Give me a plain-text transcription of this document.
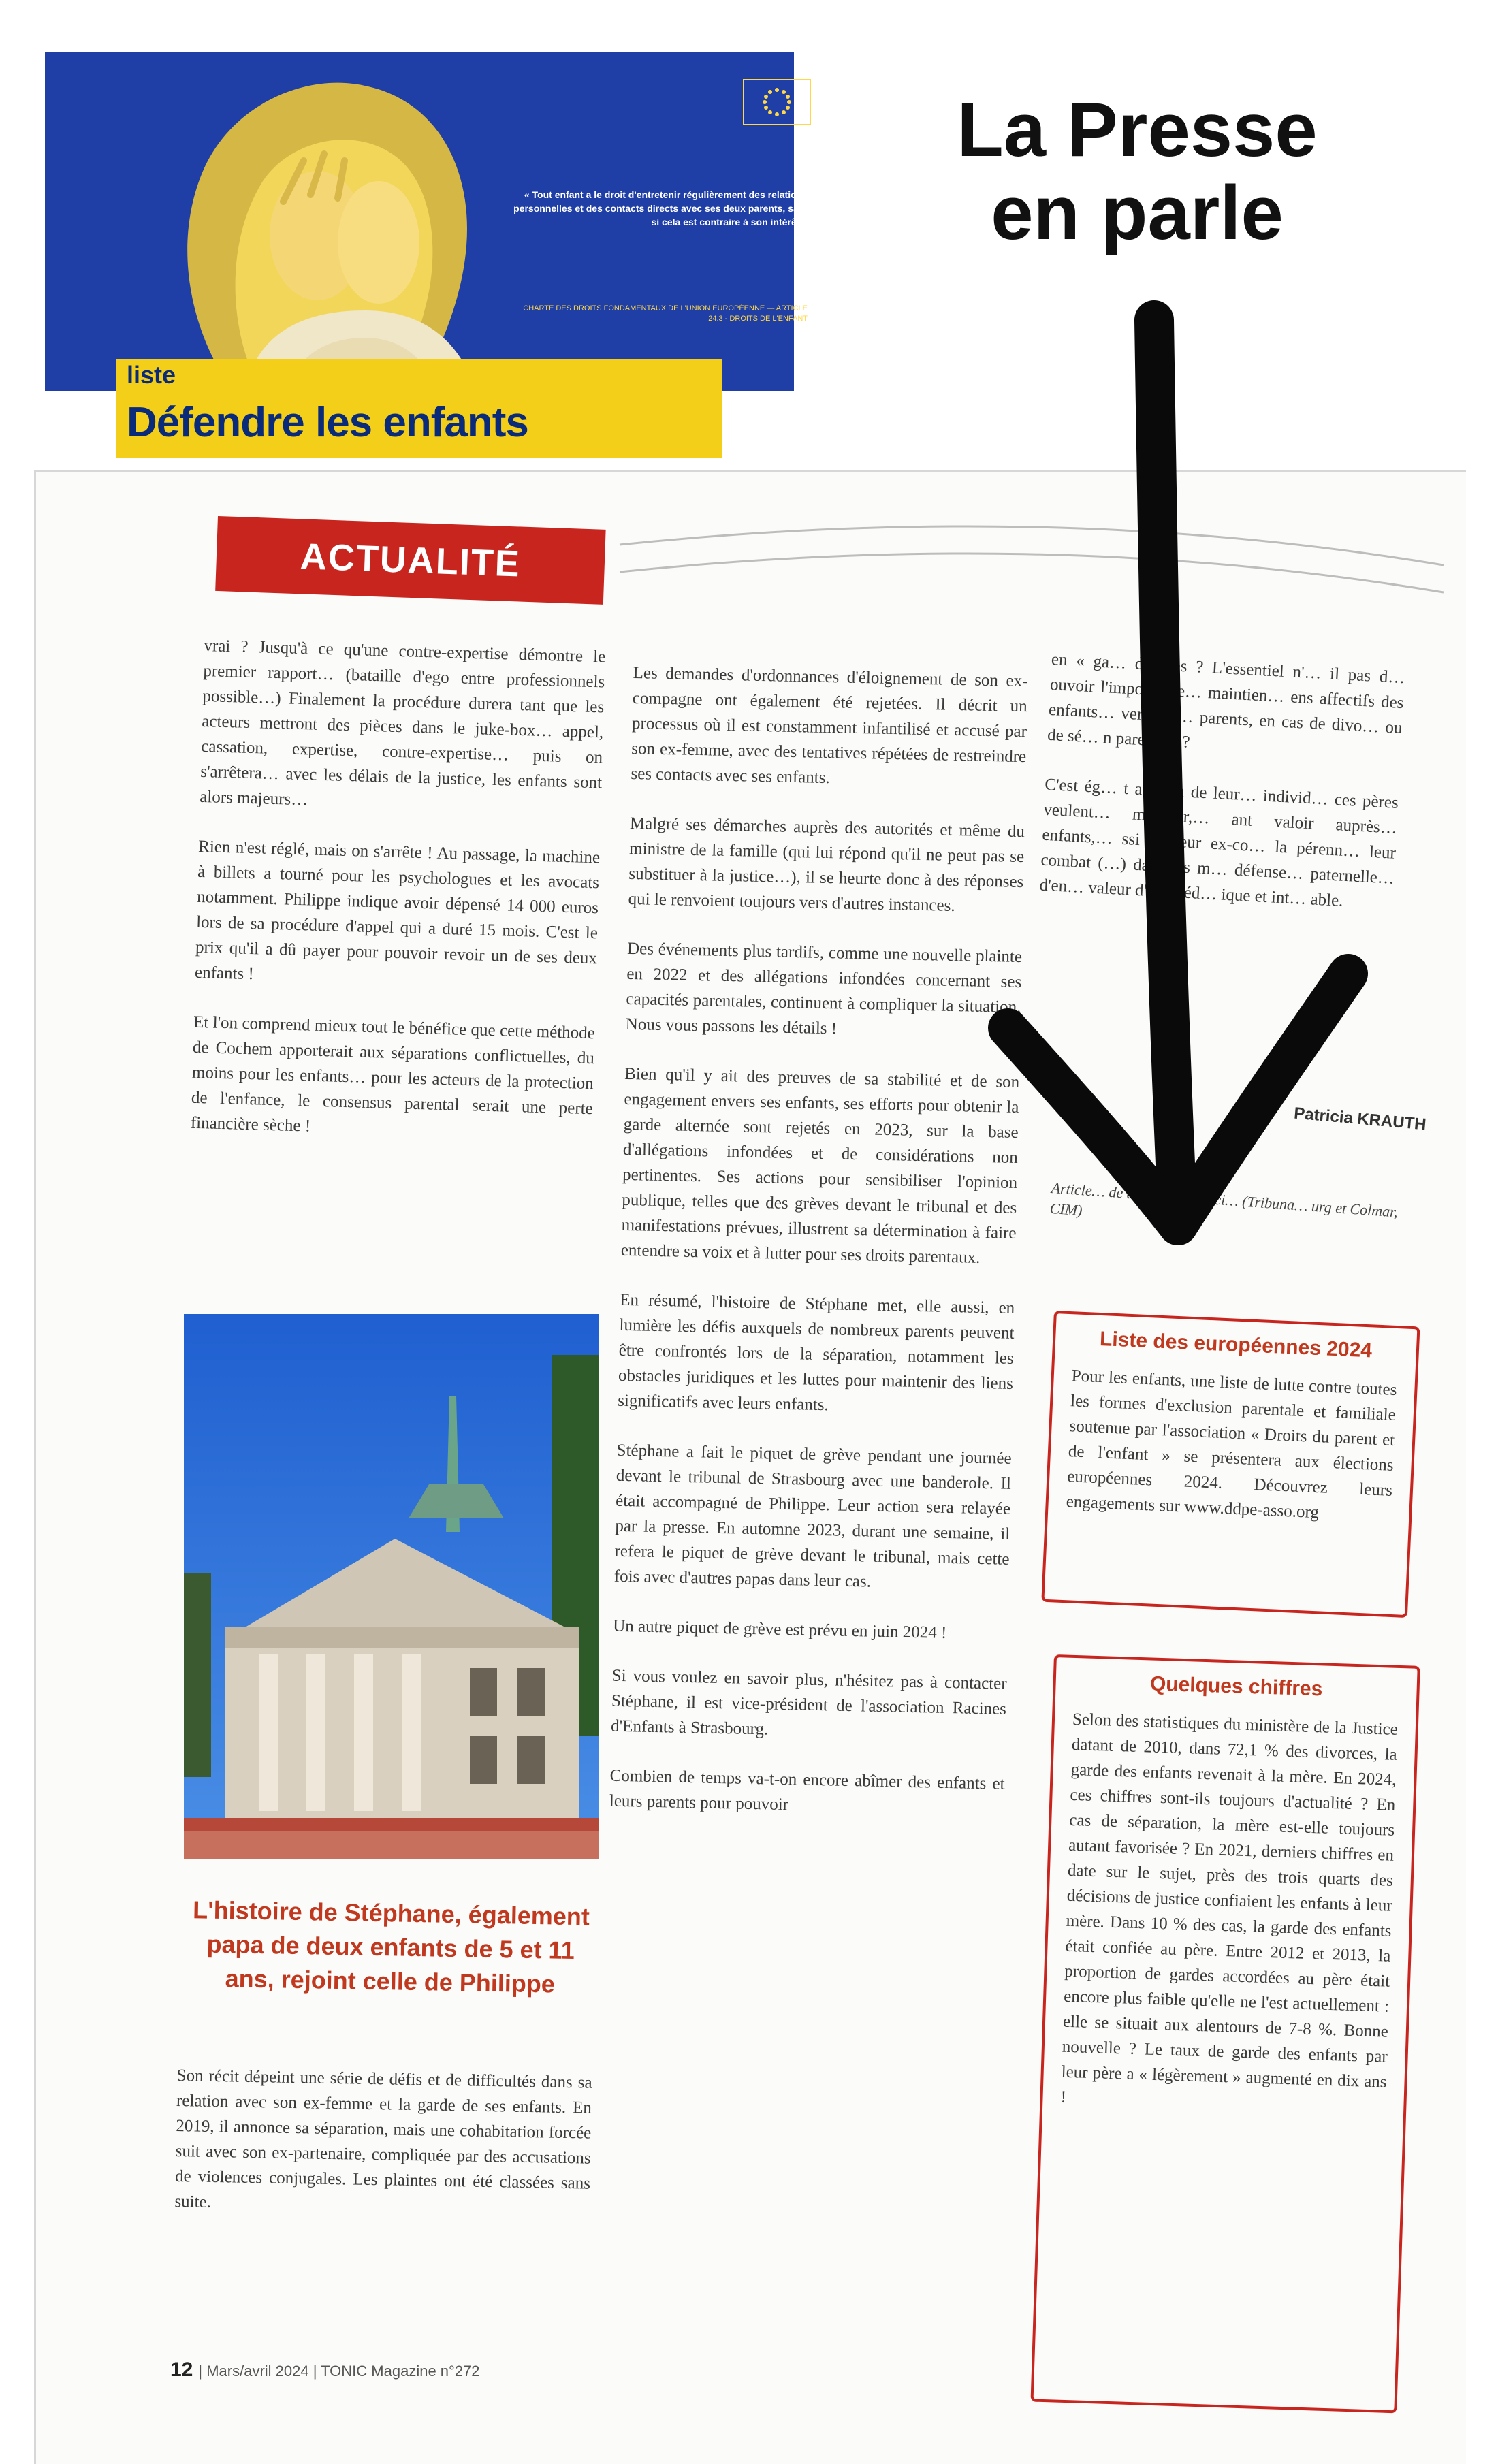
« Tout enfant a le droit d'entretenir régulièrement des relations personnelles et des contacts directs avec ses deux parents, sauf si cela est contraire à son intérêt »
CHARTE DES DROITS FONDAMENTAUX DE L'UNION EUROPÉENNE — ARTICLE 24.3 - DROITS DE L'ENFANT
liste
Défendre les enfants
La Presse
en parle
ACTUALITÉ

vrai ? Jusqu'à ce qu'une contre-expertise démontre le premier rapport… (bataille d'ego entre professionnels possible…) Finalement la procédure durera tant que les acteurs mettront des pièces dans le juke-box… appel, cassation, expertise, contre-expertise… puis on s'arrêtera… avec les délais de la justice, les enfants sont alors majeurs…

Rien n'est réglé, mais on s'arrête ! Au passage, la machine à billets a tourné pour les psychologues et les avocats notamment. Philippe indique avoir dépensé 14 000 euros lors de sa procédure d'appel qui a duré 15 mois. C'est le prix qu'il a dû payer pour pouvoir revoir un de ses deux enfants !

Et l'on comprend mieux tout le bénéfice que cette méthode de Cochem apporterait aux séparations conflictuelles, du moins pour les enfants… pour les acteurs de la protection de l'enfance, le consensus parental serait une perte financière sèche !

L'histoire de Stéphane, également papa de deux enfants de 5 et 11 ans, rejoint celle de Philippe

Son récit dépeint une série de défis et de difficultés dans sa relation avec son ex-femme et la garde de ses enfants. En 2019, il annonce sa séparation, mais une cohabitation forcée suit avec son ex-partenaire, compliquée par des accusations de violences conjugales. Les plaintes ont été classées sans suite.

Les demandes d'ordonnances d'éloignement de son ex-compagne ont également été rejetées. Il décrit un processus où il est constamment infantilisé et accusé par son ex-femme, avec des tentatives répétées de restreindre ses contacts avec ses enfants.

Malgré ses démarches auprès des autorités et même du ministre de la famille (qui lui répond qu'il ne peut pas se substituer à la justice…), il se heurte donc à des réponses qui le renvoient toujours vers d'autres instances.

Des événements plus tardifs, comme une nouvelle plainte en 2022 et des allégations infondées concernant ses capacités parentales, continuent à compliquer la situation. Nous vous passons les détails !

Bien qu'il y ait des preuves de sa stabilité et de son engagement envers ses enfants, ses efforts pour obtenir la garde alternée sont rejetés en 2023, sur la base d'allégations infondées et de considérations non pertinentes. Ses actions pour sensibiliser l'opinion publique, telles que des grèves devant le tribunal et des manifestations prévues, illustrent sa détermination à faire entendre sa voix et à lutter pour ses droits parentaux.

En résumé, l'histoire de Stéphane met, elle aussi, en lumière les défis auxquels de nombreux parents peuvent être confrontés lors de la séparation, notamment les obstacles juridiques et les luttes pour maintenir des liens significatifs avec leurs enfants.

Stéphane a fait le piquet de grève pendant une journée devant le tribunal de Strasbourg avec une banderole. Il était accompagné de Philippe. Leur action sera relayée par la presse. En automne 2023, durant une semaine, il refera le piquet de grève devant le tribunal, mais cette fois avec d'autres papas dans leur cas.

Un autre piquet de grève est prévu en juin 2024 !

Si vous voulez en savoir plus, n'hésitez pas à contacter Stéphane, il est vice-président de l'association Racines d'Enfants à Strasbourg.

Combien de temps va-t-on encore abîmer des enfants et leurs parents pour pouvoir

en « ga… d'autres ? L'essentiel n'… il pas d… ouvoir l'importance… maintien… ens affectifs des enfants… vers leu… parents, en cas de divo… ou de sé… n parentale ?

C'est ég… t au sein de leur… individ… ces pères veulent… marquer,… ant valoir auprès… enfants,… ssi de leur ex-co… la pérenn… leur combat (…) dans les m… défense… paternelle… d'en… valeur d'… océd… ique et int… able.

Patricia KRAUTH
Article… de documents offici… (Tribuna… urg et Colmar, CIM)
Liste des européennes 2024
Pour les enfants, une liste de lutte contre toutes les formes d'exclusion parentale et familiale soutenue par l'association « Droits du parent et de l'enfant » se présentera aux élections européennes 2024. Découvrez leurs engagements sur www.ddpe-asso.org
Quelques chiffres
Selon des statistiques du ministère de la Justice datant de 2010, dans 72,1 % des divorces, la garde des enfants revenait à la mère. En 2024, ces chiffres sont-ils toujours d'actualité ? En cas de séparation, la mère est-elle toujours autant favorisée ? En 2021, derniers chiffres en date sur le sujet, près des trois quarts des décisions de justice confiaient les enfants à leur mère. Dans 10 % des cas, la garde des enfants était confiée au père. Entre 2012 et 2013, la proportion de gardes accordées au père était encore plus faible qu'elle ne l'est actuellement : elle se situait aux alentours de 7-8 %. Bonne nouvelle ? Le taux de garde des enfants par leur père a « légèrement » augmenté en dix ans !
12 | Mars/avril 2024 | TONIC Magazine n°272
